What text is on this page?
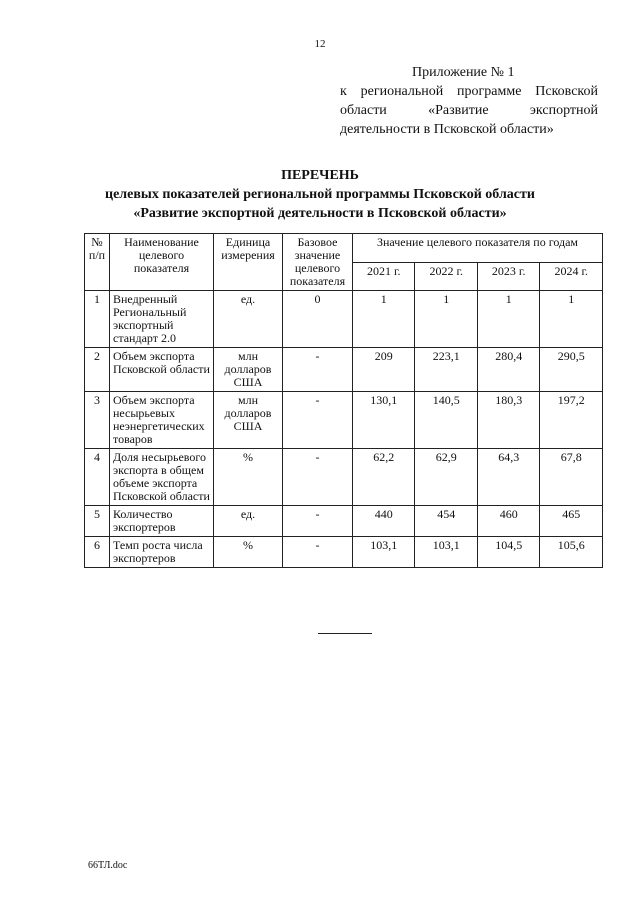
12
Приложение № 1
к региональной программе Псковской
области «Развитие экспортной
деятельности в Псковской области»
ПЕРЕЧЕНЬ
целевых показателей региональной программы Псковской области
«Развитие экспортной деятельности в Псковской области»
№ п/п	Наименование целевого показателя	Единица измерения	Базовое значение целевого показателя	Значение целевого показателя по годам			
				2021 г.	2022 г.	2023 г.	2024 г.
1	Внедренный Региональный экспортный стандарт 2.0	ед.	0	1	1	1	1
2	Объем экспорта Псковской области	млн долларов США	-	209	223,1	280,4	290,5
3	Объем экспорта несырьевых неэнергетических товаров	млн долларов США	-	130,1	140,5	180,3	197,2
4	Доля несырьевого экспорта в общем объеме экспорта Псковской области	%	-	62,2	62,9	64,3	67,8
5	Количество экспортеров	ед.	-	440	454	460	465
6	Темп роста числа экспортеров	%	-	103,1	103,1	104,5	105,6
66ТЛ.doc
